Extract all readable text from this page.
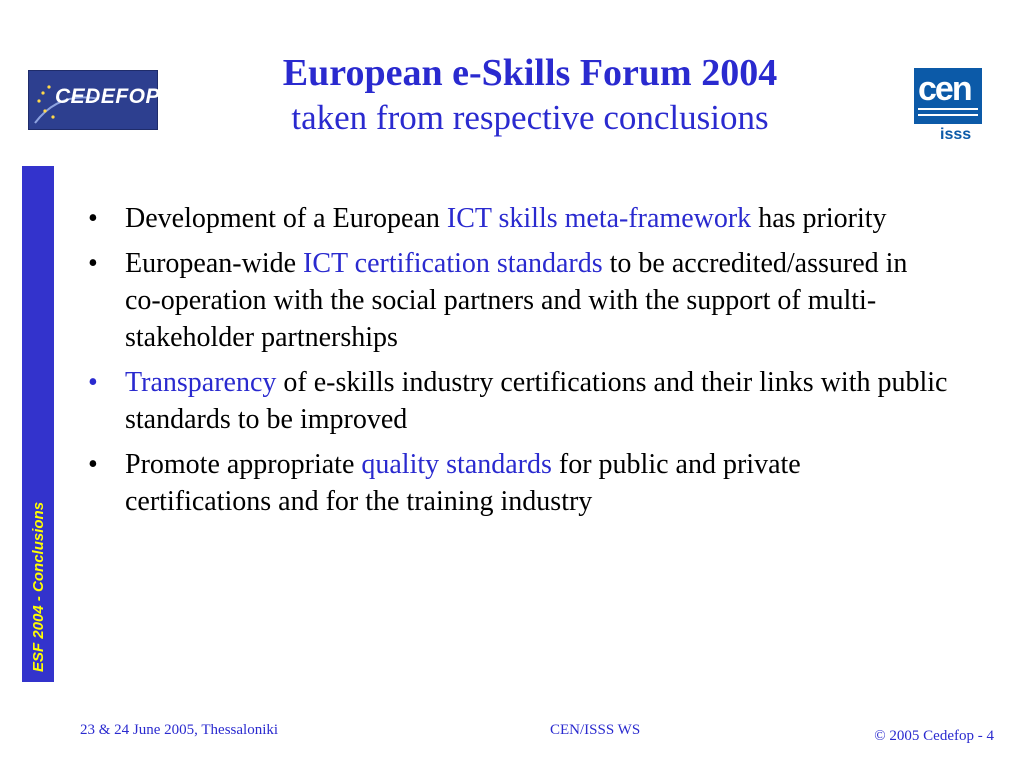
CEDEFOP

European e-Skills Forum 2004

taken from respective conclusions

cen
isss
ESF 2004 - Conclusions
• Development of a European ICT skills meta-framework has priority
• European-wide ICT certification standards to be accredited/assured in co-operation with the social partners and with the support of multi-stakeholder partnerships
• Transparency of e-skills industry certifications and their links with public standards to be improved
• Promote appropriate quality standards for public and private certifications and for the training industry
23 & 24 June 2005, Thessaloniki	CEN/ISSS WS	© 2005 Cedefop - 4
